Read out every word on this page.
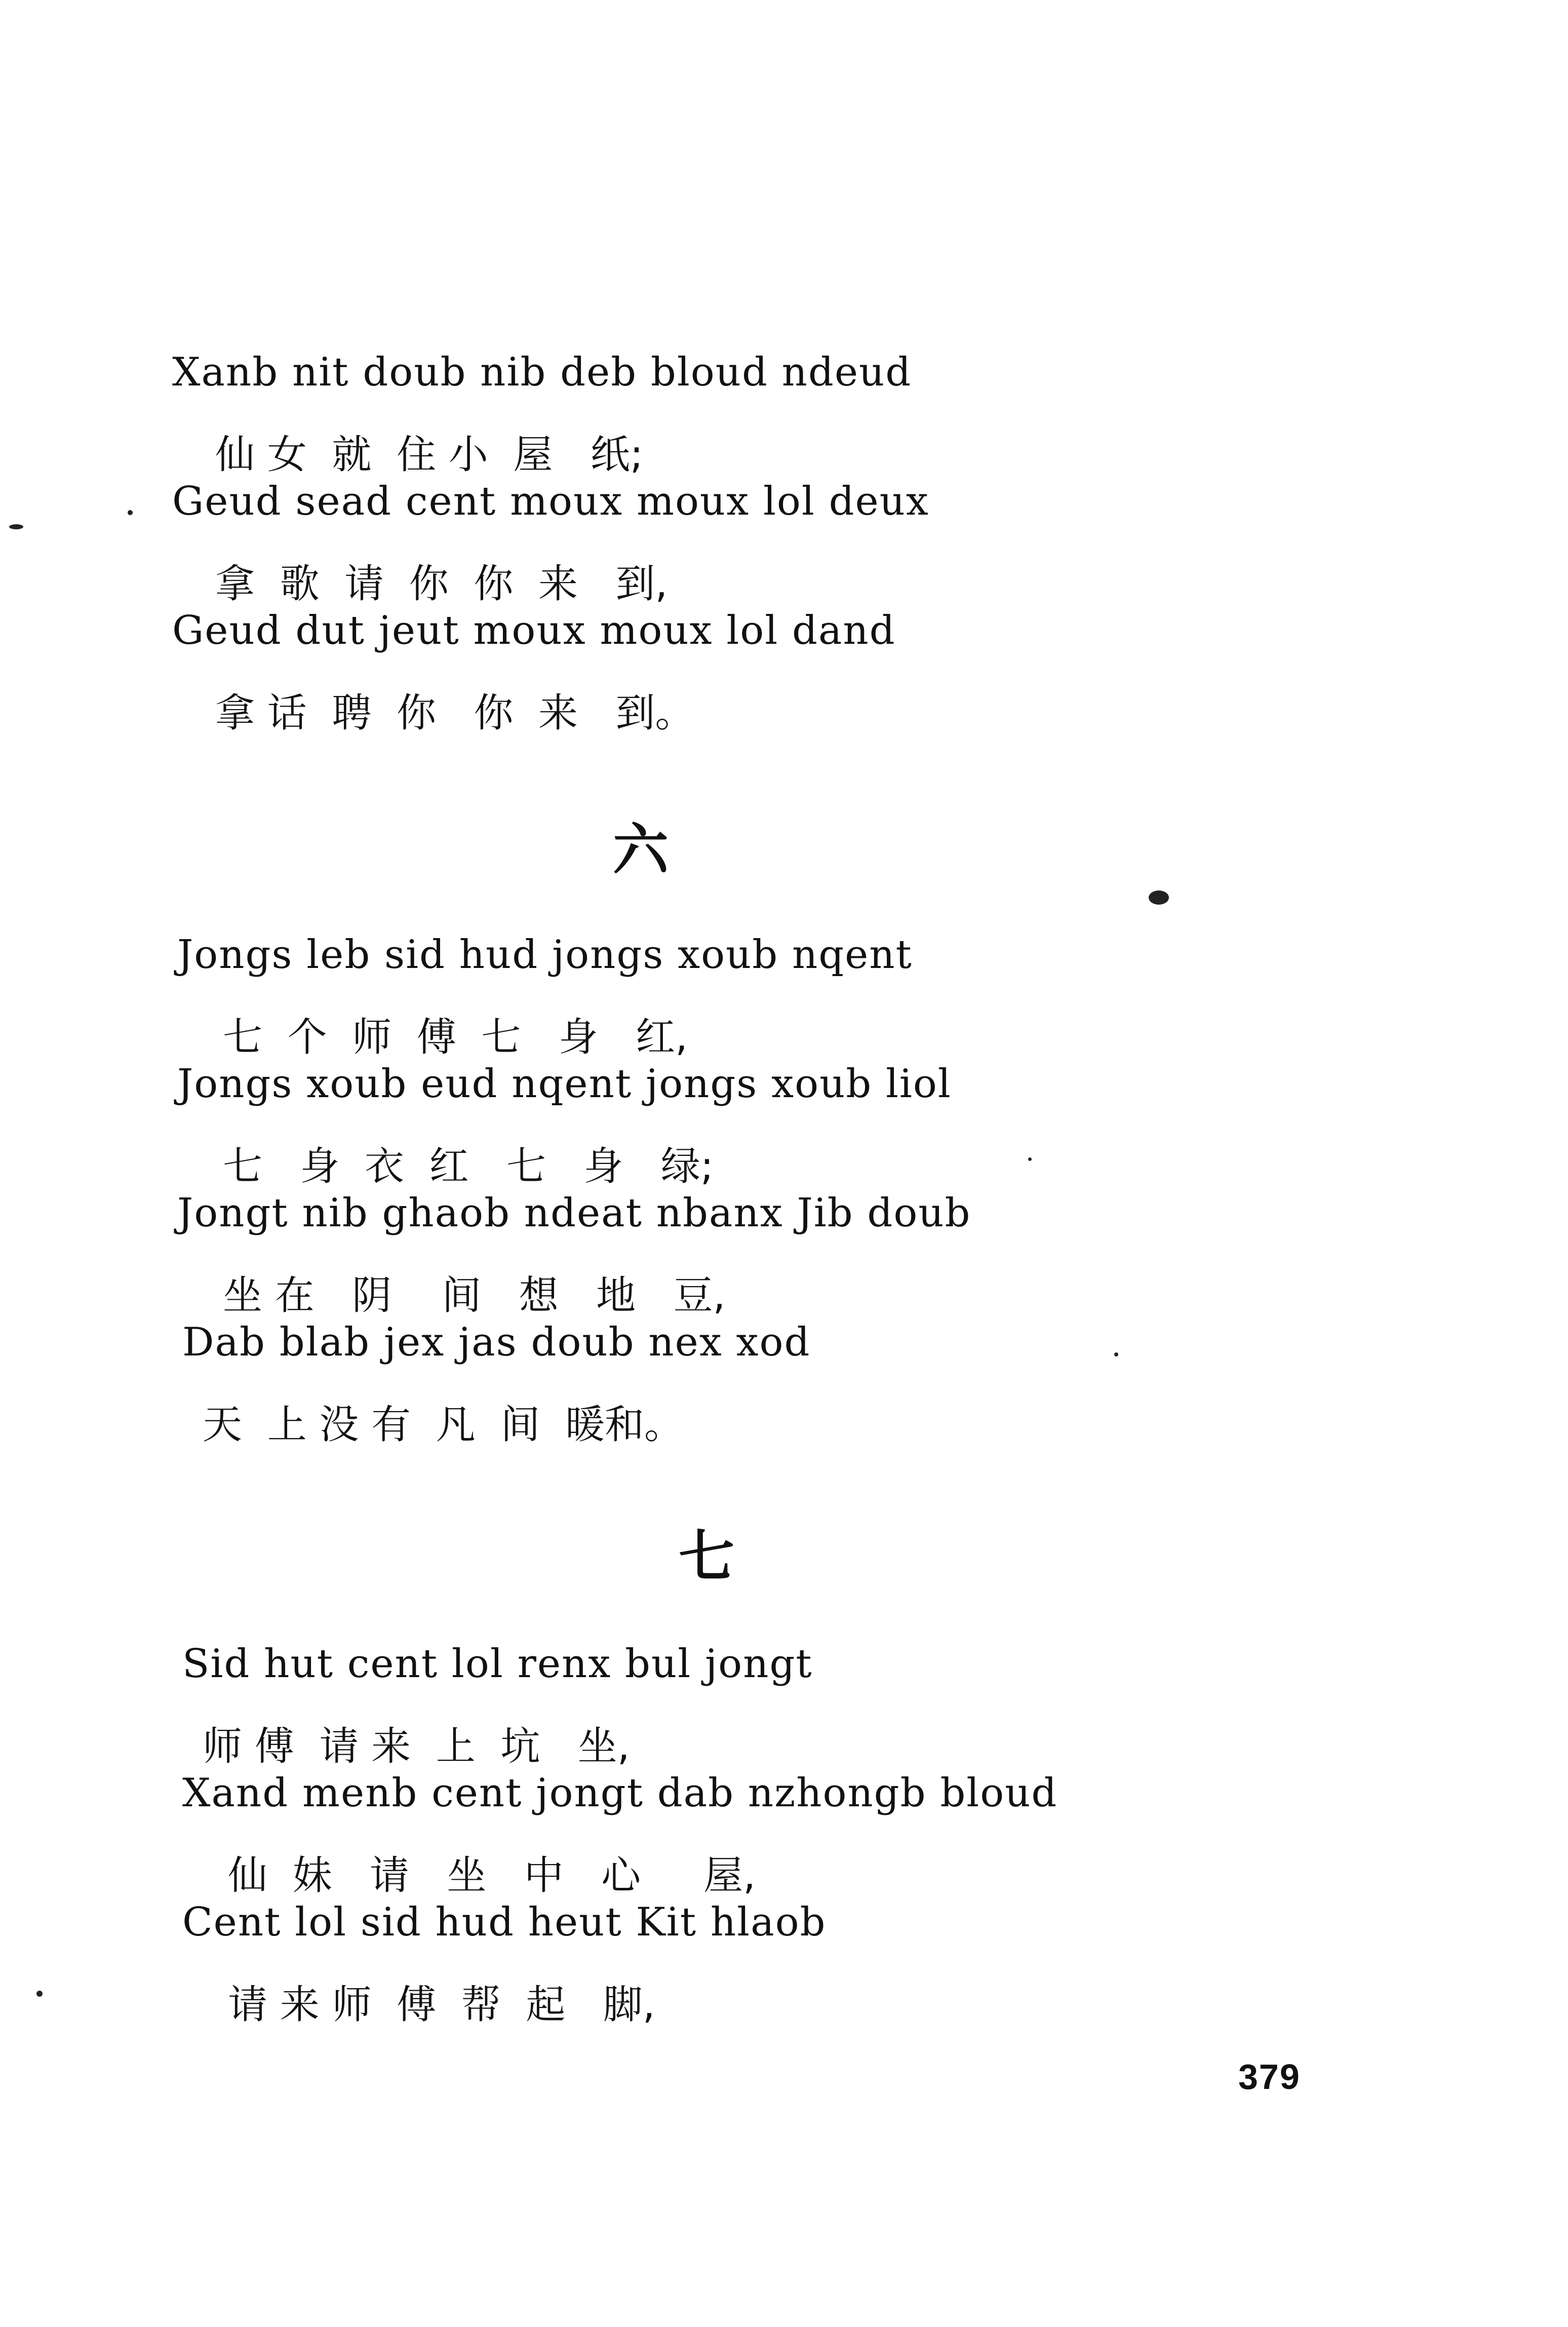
Xanb nit doub nib deb bloud ndeud

仙 女  就  住 小  屋   纸;

Geud sead cent moux moux lol deux

拿  歌  请  你  你  来   到,

Geud dut jeut moux moux lol dand

拿 话  聘  你   你  来   到。

六

Jongs leb sid hud jongs xoub nqent

七  个  师  傅  七   身   红,

Jongs xoub eud nqent jongs xoub liol

七   身  衣  红   七   身   绿;

Jongt nib ghaob ndeat nbanx Jib doub

坐 在   阴    间   想   地   豆,

Dab blab jex jas doub nex xod

天  上 没 有  凡  间  暖和。

七

Sid hut cent lol renx bul jongt

师 傅  请 来  上  坑   坐,

Xand menb cent jongt dab nzhongb bloud

仙  妹   请   坐   中   心     屋,

Cent lol sid hud heut Kit hlaob

请 来 师  傅  帮  起   脚,

379
